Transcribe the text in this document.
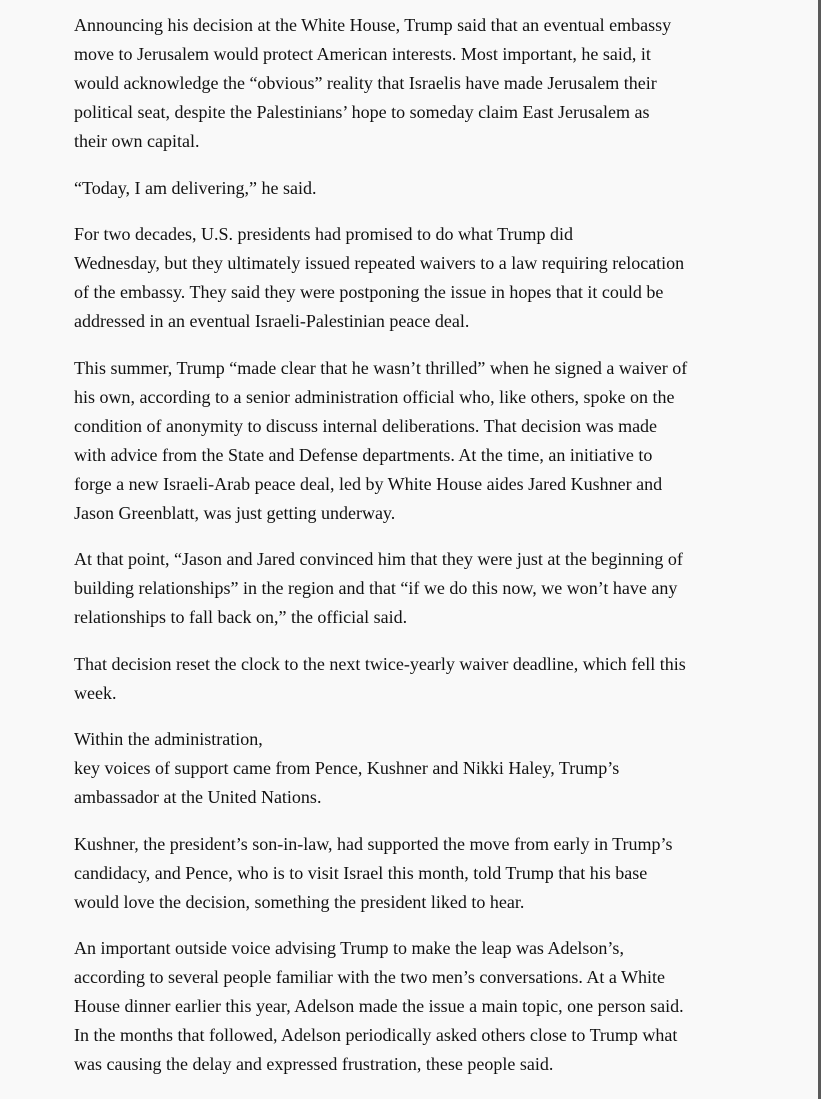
Announcing his decision at the White House, Trump said that an eventual embassy
move to Jerusalem would protect American interests. Most important, he said, it
would acknowledge the “obvious” reality that Israelis have made Jerusalem their
political seat, despite the Palestinians’ hope to someday claim East Jerusalem as
their own capital.

“Today, I am delivering,” he said.

For two decades, U.S. presidents had promised to do what Trump did
Wednesday, but they ultimately issued repeated waivers to a law requiring relocation
of the embassy. They said they were postponing the issue in hopes that it could be
addressed in an eventual Israeli-Palestinian peace deal.

This summer, Trump “made clear that he wasn’t thrilled” when he signed a waiver of
his own, according to a senior administration official who, like others, spoke on the
condition of anonymity to discuss internal deliberations. That decision was made
with advice from the State and Defense departments. At the time, an initiative to
forge a new Israeli-Arab peace deal, led by White House aides Jared Kushner and
Jason Greenblatt, was just getting underway.

At that point, “Jason and Jared convinced him that they were just at the beginning of
building relationships” in the region and that “if we do this now, we won’t have any
relationships to fall back on,” the official said.

That decision reset the clock to the next twice-yearly waiver deadline, which fell this
week.

Within the administration,
key voices of support came from Pence, Kushner and Nikki Haley, Trump’s
ambassador at the United Nations.

Kushner, the president’s son-in-law, had supported the move from early in Trump’s
candidacy, and Pence, who is to visit Israel this month, told Trump that his base
would love the decision, something the president liked to hear.

An important outside voice advising Trump to make the leap was Adelson’s,
according to several people familiar with the two men’s conversations. At a White
House dinner earlier this year, Adelson made the issue a main topic, one person said.
In the months that followed, Adelson periodically asked others close to Trump what
was causing the delay and expressed frustration, these people said.
